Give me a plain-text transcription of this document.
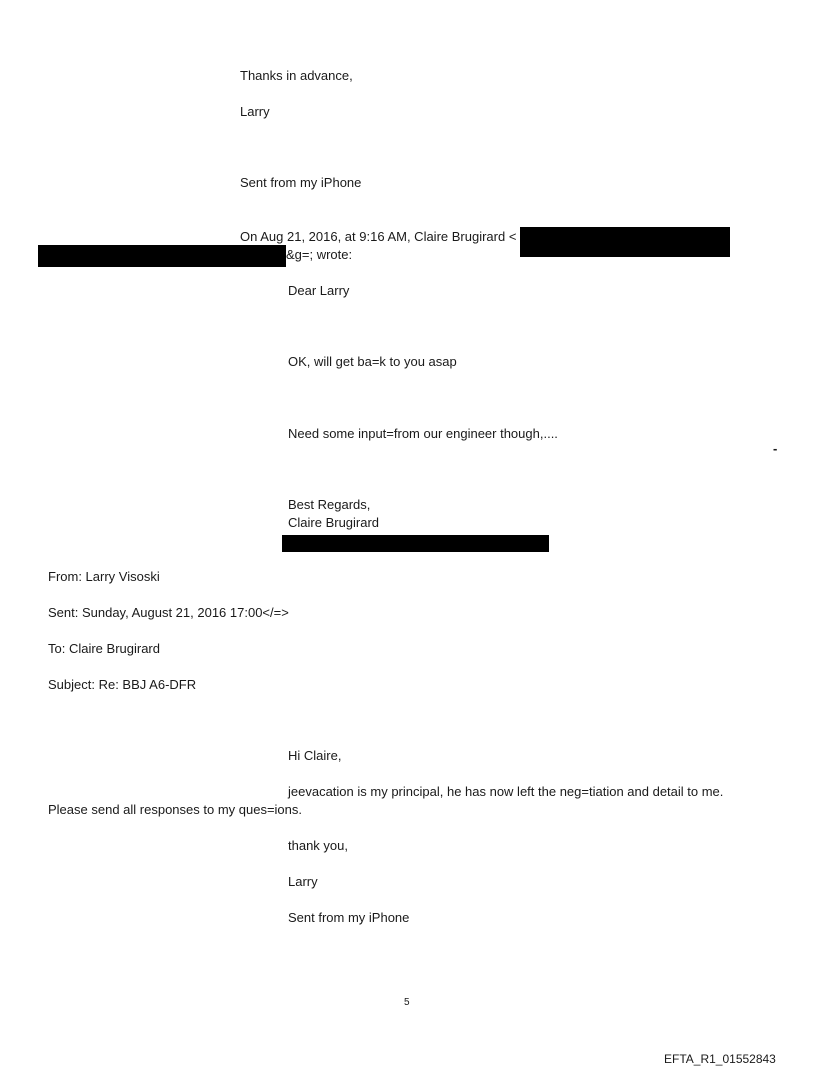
Thanks in advance,
Larry
Sent from my iPhone
On Aug 21, 2016, at 9:16 AM, Claire Brugirard <
&g=; wrote:
Dear Larry
OK, will get ba=k to you asap
Need some input=from our engineer though,....
-
Best Regards,
Claire Brugirard
From: Larry Visoski
Sent: Sunday, August 21, 2016 17:00</=>
To: Claire Brugirard
Subject: Re: BBJ A6-DFR
Hi Claire,
jeevacation is my principal, he has now left the neg=tiation and detail to me.
Please send all responses to my ques=ions.
thank you,
Larry
Sent from my iPhone
5
EFTA_R1_01552843
